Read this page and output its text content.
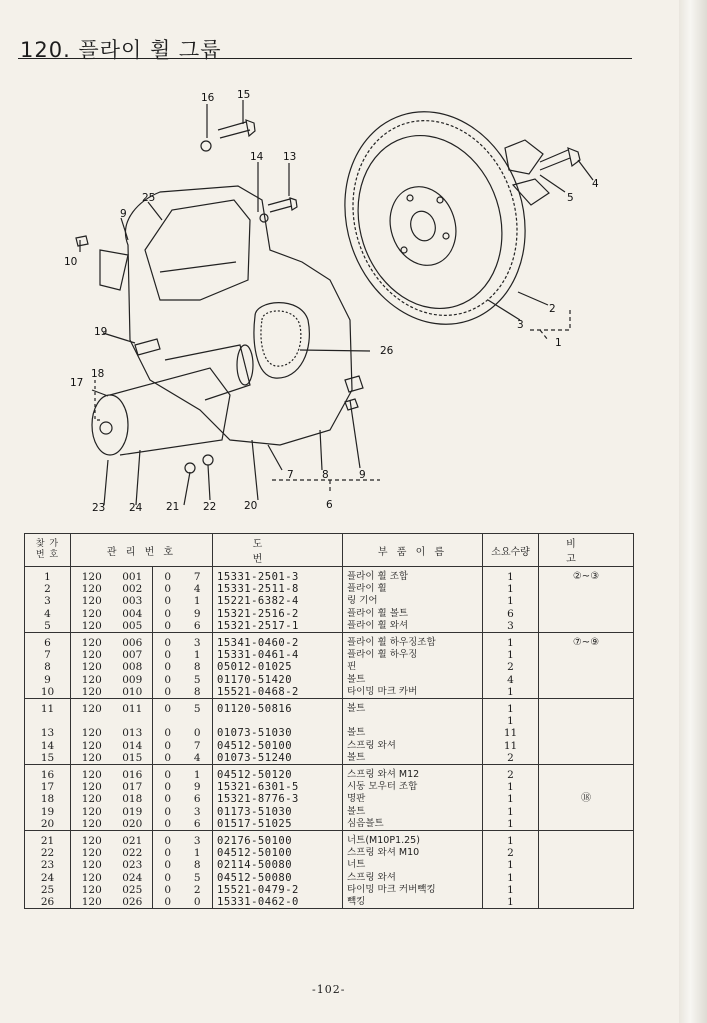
120. 플라이 휠 그룹
16 15
14 13
25
9
10
19
18
17
26
4
5
2
3
1
7	8	9
6
20
21 22
23 24
찾 가
번 호	관 리 번 호				도 번	부 품 이 름	소요수량	비 고
1	120	001	0	7	15331-2501-3	플라이 휠 조합	1	②~③
2	120	002	0	4	15331-2511-8	플라이 휠	1	
3	120	003	0	1	15221-6382-4	링 기어	1	
4	120	004	0	9	15321-2516-2	플라이 휠 볼트	6	
5	120	005	0	6	15321-2517-1	플라이 휠 와셔	3	
6	120	006	0	3	15341-0460-2	플라이 휠 하우징조합	1	⑦~⑨
7	120	007	0	1	15331-0461-4	플라이 휠 하우징	1	
8	120	008	0	8	05012-01025	핀	2	
9	120	009	0	5	01170-51420	볼트	4	
10	120	010	0	8	15521-0468-2	타이밍 마크 카버	1	
11	120	011	0	5	01120-50816	볼트	1	
							1	
13	120	013	0	0	01073-51030	볼트	11	
14	120	014	0	7	04512-50100	스프링 와셔	11	
15	120	015	0	4	01073-51240	볼트	2	
16	120	016	0	1	04512-50120	스프링 와셔 M12	2	⑱
17	120	017	0	9	15321-6301-5	시동 모우터 조합	1	
18	120	018	0	6	15321-8776-3	명판	1	
19	120	019	0	3	01173-51030	볼트	1	
20	120	020	0	6	01517-51025	심음볼트	1	
21	120	021	0	3	02176-50100	너트(M10P1.25)	1	
22	120	022	0	1	04512-50100	스프링 와셔 M10	2	
23	120	023	0	8	02114-50080	너트	1	
24	120	024	0	5	04512-50080	스프링 와셔	1	
25	120	025	0	2	15521-0479-2	타이밍 마크 커버빽킹	1	
26	120	026	0	0	15331-0462-0	빽킹	1	
-102-
